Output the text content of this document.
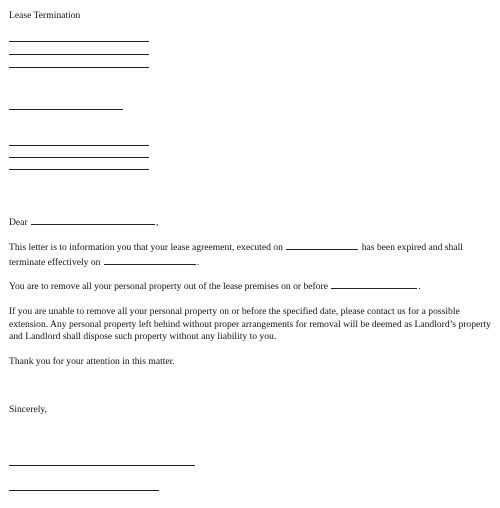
Lease Termination

Dear	,

This letter is to information you that your lease agreement, executed on	has been expired and shall terminate effectively on	.

You are to remove all your personal property out of the lease premises on or before	.

If you are unable to remove all your personal property on or before the specified date, please contact us for a possible extension. Any personal property left behind without proper arrangements for removal will be deemed as Landlord’s property and Landlord shall dispose such property without any liability to you.

Thank you for your attention in this matter.

Sincerely,
